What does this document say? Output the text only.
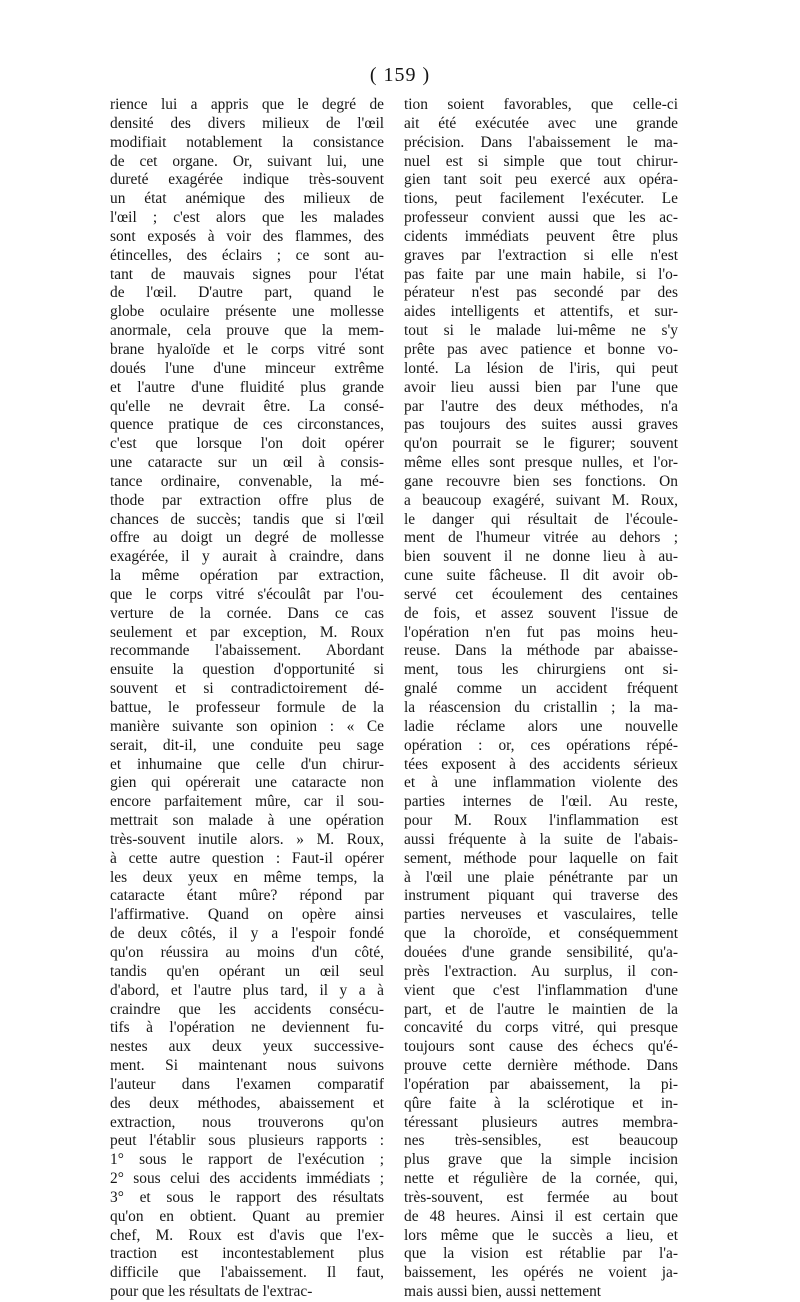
( 159 )
rience lui a appris que le degré de
densité des divers milieux de l'œil
modifiait notablement la consistance
de cet organe. Or, suivant lui, une
dureté exagérée indique très-souvent
un état anémique des milieux de
l'œil ; c'est alors que les malades
sont exposés à voir des flammes, des
étincelles, des éclairs ; ce sont au-
tant de mauvais signes pour l'état
de l'œil. D'autre part, quand le
globe oculaire présente une mollesse
anormale, cela prouve que la mem-
brane hyaloïde et le corps vitré sont
doués l'une d'une minceur extrême
et l'autre d'une fluidité plus grande
qu'elle ne devrait être. La consé-
quence pratique de ces circonstances,
c'est que lorsque l'on doit opérer
une cataracte sur un œil à consis-
tance ordinaire, convenable, la mé-
thode par extraction offre plus de
chances de succès; tandis que si l'œil
offre au doigt un degré de mollesse
exagérée, il y aurait à craindre, dans
la même opération par extraction,
que le corps vitré s'écoulât par l'ou-
verture de la cornée. Dans ce cas
seulement et par exception, M. Roux
recommande l'abaissement. Abordant
ensuite la question d'opportunité si
souvent et si contradictoirement dé-
battue, le professeur formule de la
manière suivante son opinion : « Ce
serait, dit-il, une conduite peu sage
et inhumaine que celle d'un chirur-
gien qui opérerait une cataracte non
encore parfaitement mûre, car il sou-
mettrait son malade à une opération
très-souvent inutile alors. » M. Roux,
à cette autre question : Faut-il opérer
les deux yeux en même temps, la
cataracte étant mûre? répond par
l'affirmative. Quand on opère ainsi
de deux côtés, il y a l'espoir fondé
qu'on réussira au moins d'un côté,
tandis qu'en opérant un œil seul
d'abord, et l'autre plus tard, il y a à
craindre que les accidents consécu-
tifs à l'opération ne deviennent fu-
nestes aux deux yeux successive-
ment. Si maintenant nous suivons
l'auteur dans l'examen comparatif
des deux méthodes, abaissement et
extraction, nous trouverons qu'on
peut l'établir sous plusieurs rapports :
1° sous le rapport de l'exécution ;
2° sous celui des accidents immédiats ;
3° et sous le rapport des résultats
qu'on en obtient. Quant au premier
chef, M. Roux est d'avis que l'ex-
traction est incontestablement plus
difficile que l'abaissement. Il faut,
pour que les résultats de l'extrac-
tion soient favorables, que celle-ci
ait été exécutée avec une grande
précision. Dans l'abaissement le ma-
nuel est si simple que tout chirur-
gien tant soit peu exercé aux opéra-
tions, peut facilement l'exécuter. Le
professeur convient aussi que les ac-
cidents immédiats peuvent être plus
graves par l'extraction si elle n'est
pas faite par une main habile, si l'o-
pérateur n'est pas secondé par des
aides intelligents et attentifs, et sur-
tout si le malade lui-même ne s'y
prête pas avec patience et bonne vo-
lonté. La lésion de l'iris, qui peut
avoir lieu aussi bien par l'une que
par l'autre des deux méthodes, n'a
pas toujours des suites aussi graves
qu'on pourrait se le figurer; souvent
même elles sont presque nulles, et l'or-
gane recouvre bien ses fonctions. On
a beaucoup exagéré, suivant M. Roux,
le danger qui résultait de l'écoule-
ment de l'humeur vitrée au dehors ;
bien souvent il ne donne lieu à au-
cune suite fâcheuse. Il dit avoir ob-
servé cet écoulement des centaines
de fois, et assez souvent l'issue de
l'opération n'en fut pas moins heu-
reuse. Dans la méthode par abaisse-
ment, tous les chirurgiens ont si-
gnalé comme un accident fréquent
la réascension du cristallin ; la ma-
ladie réclame alors une nouvelle
opération : or, ces opérations répé-
tées exposent à des accidents sérieux
et à une inflammation violente des
parties internes de l'œil. Au reste,
pour M. Roux l'inflammation est
aussi fréquente à la suite de l'abais-
sement, méthode pour laquelle on fait
à l'œil une plaie pénétrante par un
instrument piquant qui traverse des
parties nerveuses et vasculaires, telle
que la choroïde, et conséquemment
douées d'une grande sensibilité, qu'a-
près l'extraction. Au surplus, il con-
vient que c'est l'inflammation d'une
part, et de l'autre le maintien de la
concavité du corps vitré, qui presque
toujours sont cause des échecs qu'é-
prouve cette dernière méthode. Dans
l'opération par abaissement, la pi-
qûre faite à la sclérotique et in-
téressant plusieurs autres membra-
nes très-sensibles, est beaucoup
plus grave que la simple incision
nette et régulière de la cornée, qui,
très-souvent, est fermée au bout
de 48 heures. Ainsi il est certain que
lors même que le succès a lieu, et
que la vision est rétablie par l'a-
baissement, les opérés ne voient ja-
mais aussi bien, aussi nettement
